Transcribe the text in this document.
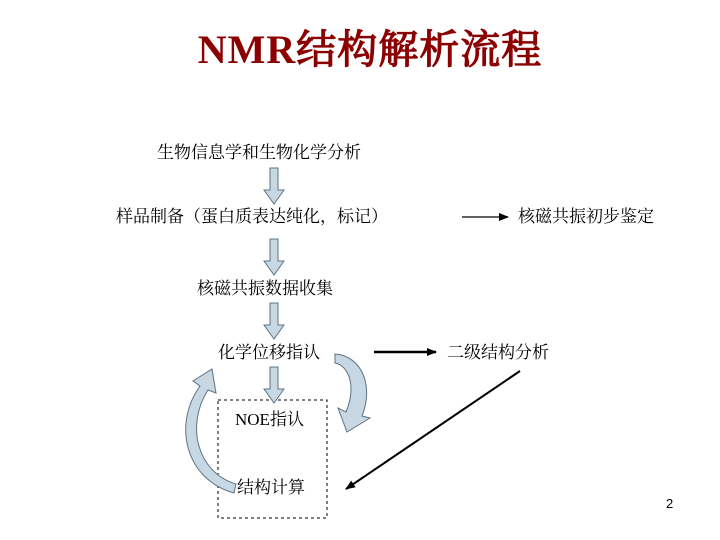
NMR结构解析流程
生物信息学和生物化学分析
样品制备（蛋白质表达纯化，标记）	核磁共振初步鉴定
核磁共振数据收集
化学位移指认	二级结构分析
NOE指认
结构计算
2
